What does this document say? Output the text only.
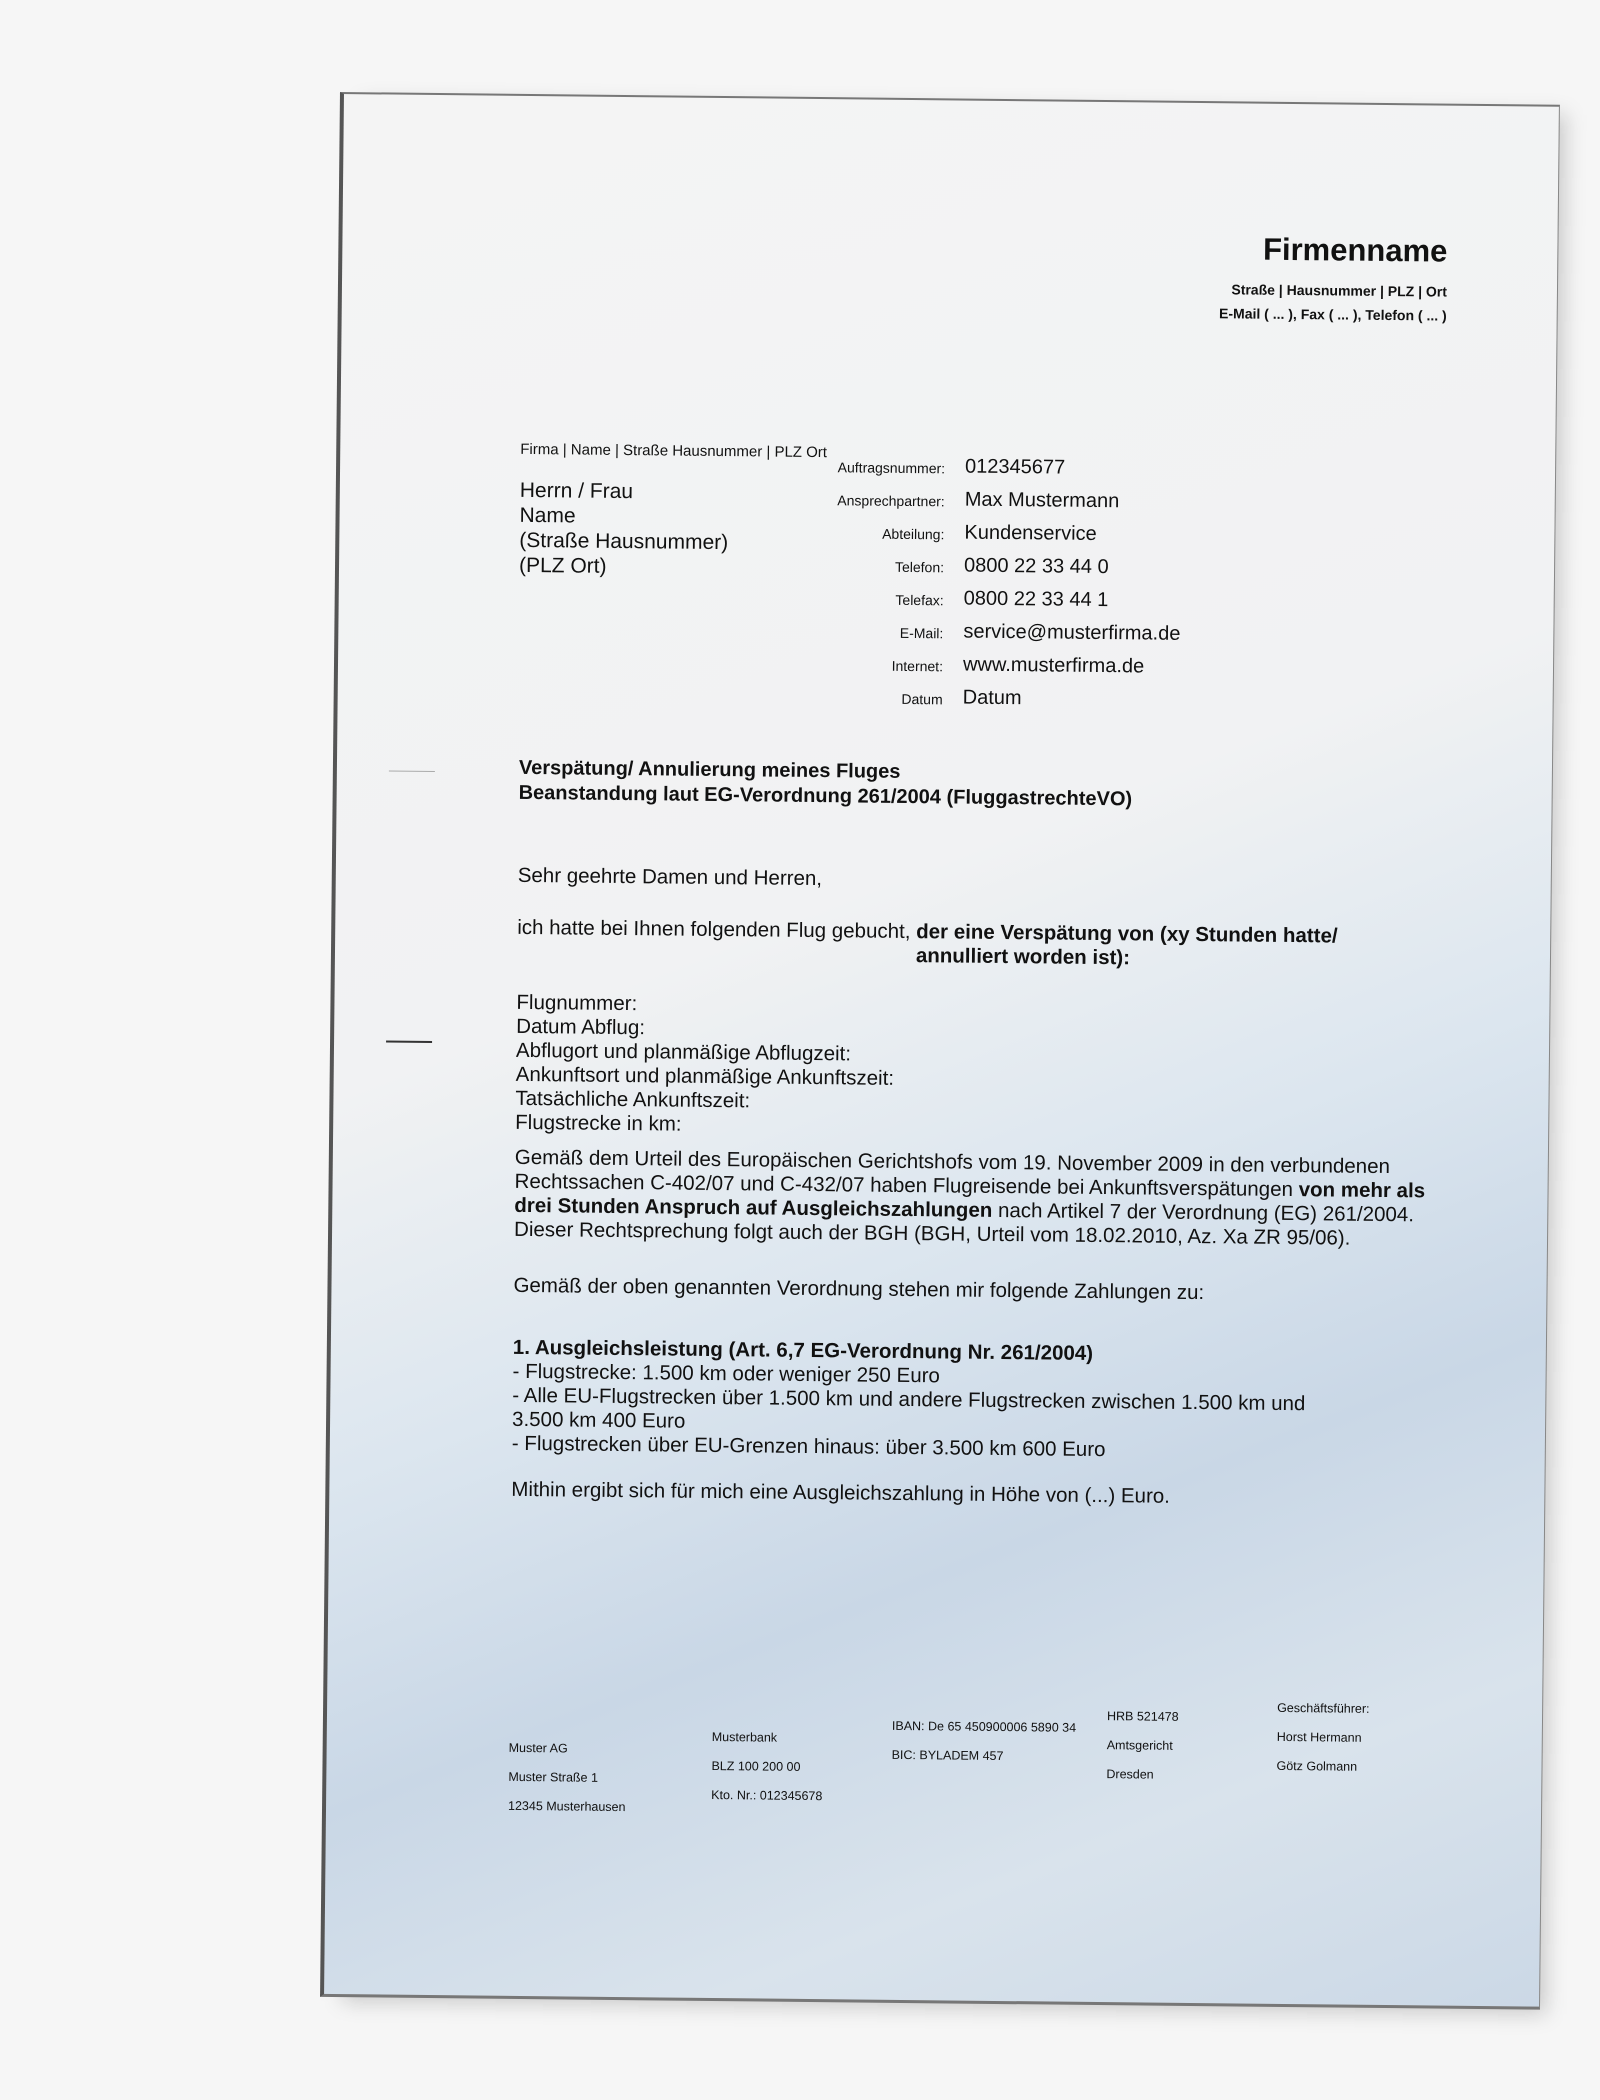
Firmenname
Straße | Hausnummer | PLZ | Ort
E-Mail ( ... ), Fax ( ... ), Telefon ( ... )
Firma | Name | Straße Hausnummer | PLZ Ort
Herrn / Frau
Name
(Straße Hausnummer)
(PLZ Ort)
Auftragsnummer: 012345677
Ansprechpartner: Max Mustermann
Abteilung: Kundenservice
Telefon: 0800 22 33 44 0
Telefax: 0800 22 33 44 1
E-Mail: service@musterfirma.de
Internet: www.musterfirma.de
Datum Datum
Verspätung/ Annulierung meines Fluges
Beanstandung laut EG-Verordnung 261/2004 (FluggastrechteVO)
Sehr geehrte Damen und Herren,
ich hatte bei Ihnen folgenden Flug gebucht, der eine Verspätung von (xy Stunden hatte/ annulliert worden ist):
Flugnummer:
Datum Abflug:
Abflugort und planmäßige Abflugzeit:
Ankunftsort und planmäßige Ankunftszeit:
Tatsächliche Ankunftszeit:
Flugstrecke in km:
Gemäß dem Urteil des Europäischen Gerichtshofs vom 19. November 2009 in den verbundenen
Rechtssachen C-402/07 und C-432/07 haben Flugreisende bei Ankunftsverspätungen von mehr als
drei Stunden Anspruch auf Ausgleichszahlungen nach Artikel 7 der Verordnung (EG) 261/2004.
Dieser Rechtsprechung folgt auch der BGH (BGH, Urteil vom 18.02.2010, Az. Xa ZR 95/06).
Gemäß der oben genannten Verordnung stehen mir folgende Zahlungen zu:
1. Ausgleichsleistung (Art. 6,7 EG-Verordnung Nr. 261/2004)
- Flugstrecke: 1.500 km oder weniger 250 Euro
- Alle EU-Flugstrecken über 1.500 km und andere Flugstrecken zwischen 1.500 km und
3.500 km 400 Euro
- Flugstrecken über EU-Grenzen hinaus: über 3.500 km 600 Euro
Mithin ergibt sich für mich eine Ausgleichszahlung in Höhe von (...) Euro.
Muster AG
Muster Straße 1
12345 Musterhausen
Musterbank
BLZ 100 200 00
Kto. Nr.: 012345678
IBAN: De 65 450900006 5890 34
BIC: BYLADEM 457
HRB 521478
Amtsgericht
Dresden
Geschäftsführer:
Horst Hermann
Götz Golmann
